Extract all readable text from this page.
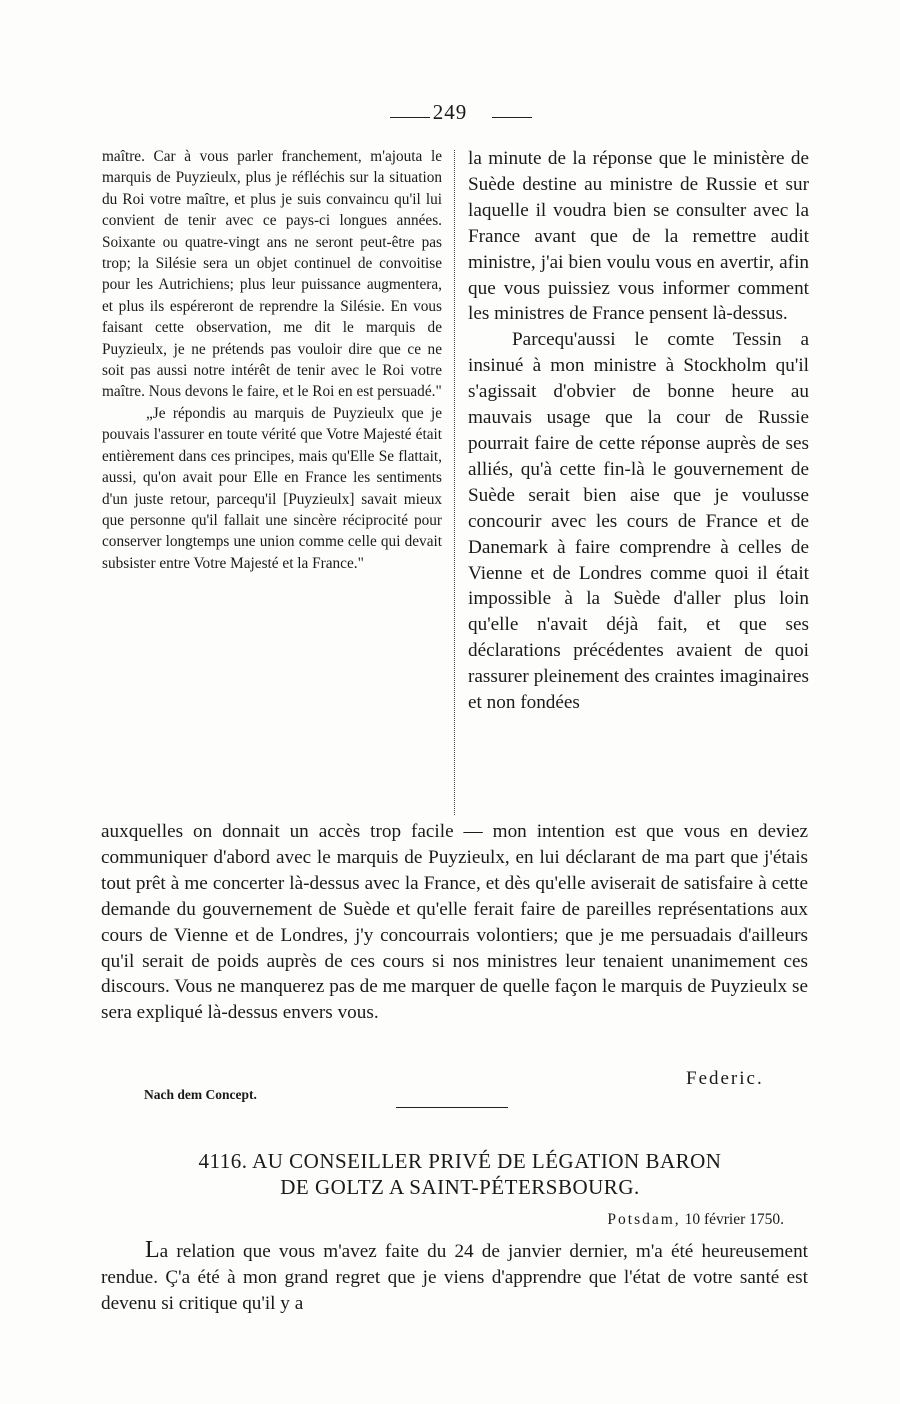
249

maître. Car à vous parler franchement, m'ajouta le marquis de Puyzieulx, plus je réfléchis sur la situation du Roi votre maître, et plus je suis convaincu qu'il lui convient de tenir avec ce pays-ci longues années. Soixante ou quatre-vingt ans ne seront peut-être pas trop; la Silésie sera un objet continuel de convoitise pour les Autrichiens; plus leur puissance augmentera, et plus ils espéreront de reprendre la Silésie. En vous faisant cette observation, me dit le marquis de Puyzieulx, je ne prétends pas vouloir dire que ce ne soit pas aussi notre intérêt de tenir avec le Roi votre maître. Nous devons le faire, et le Roi en est persuadé."

„Je répondis au marquis de Puyzieulx que je pouvais l'assurer en toute vérité que Votre Majesté était entièrement dans ces principes, mais qu'Elle Se flattait, aussi, qu'on avait pour Elle en France les sentiments d'un juste retour, parcequ'il [Puyzieulx] savait mieux que personne qu'il fallait une sincère réciprocité pour conserver longtemps une union comme celle qui devait subsister entre Votre Majesté et la France."

la minute de la réponse que le ministère de Suède destine au ministre de Russie et sur laquelle il voudra bien se consulter avec la France avant que de la remettre audit ministre, j'ai bien voulu vous en avertir, afin que vous puissiez vous informer comment les ministres de France pensent là-dessus.

Parcequ'aussi le comte Tessin a insinué à mon ministre à Stockholm qu'il s'agissait d'obvier de bonne heure au mauvais usage que la cour de Russie pourrait faire de cette réponse auprès de ses alliés, qu'à cette fin-là le gouvernement de Suède serait bien aise que je voulusse concourir avec les cours de France et de Danemark à faire comprendre à celles de Vienne et de Londres comme quoi il était impossible à la Suède d'aller plus loin qu'elle n'avait déjà fait, et que ses déclarations précédentes avaient de quoi rassurer pleinement des craintes imaginaires et non fondées

auxquelles on donnait un accès trop facile — mon intention est que vous en deviez communiquer d'abord avec le marquis de Puyzieulx, en lui déclarant de ma part que j'étais tout prêt à me concerter là-dessus avec la France, et dès qu'elle aviserait de satisfaire à cette demande du gouvernement de Suède et qu'elle ferait faire de pareilles représentations aux cours de Vienne et de Londres, j'y concourrais volontiers; que je me persuadais d'ailleurs qu'il serait de poids auprès de ces cours si nos ministres leur tenaient unanimement ces discours. Vous ne manquerez pas de me marquer de quelle façon le marquis de Puyzieulx se sera expliqué là-dessus envers vous.

Federic.
Nach dem Concept.
4116. AU CONSEILLER PRIVÉ DE LÉGATION BARON
DE GOLTZ A SAINT-PÉTERSBOURG.
Potsdam, 10 février 1750.

La relation que vous m'avez faite du 24 de janvier dernier, m'a été heureusement rendue. Ç'a été à mon grand regret que je viens d'apprendre que l'état de votre santé est devenu si critique qu'il y a
